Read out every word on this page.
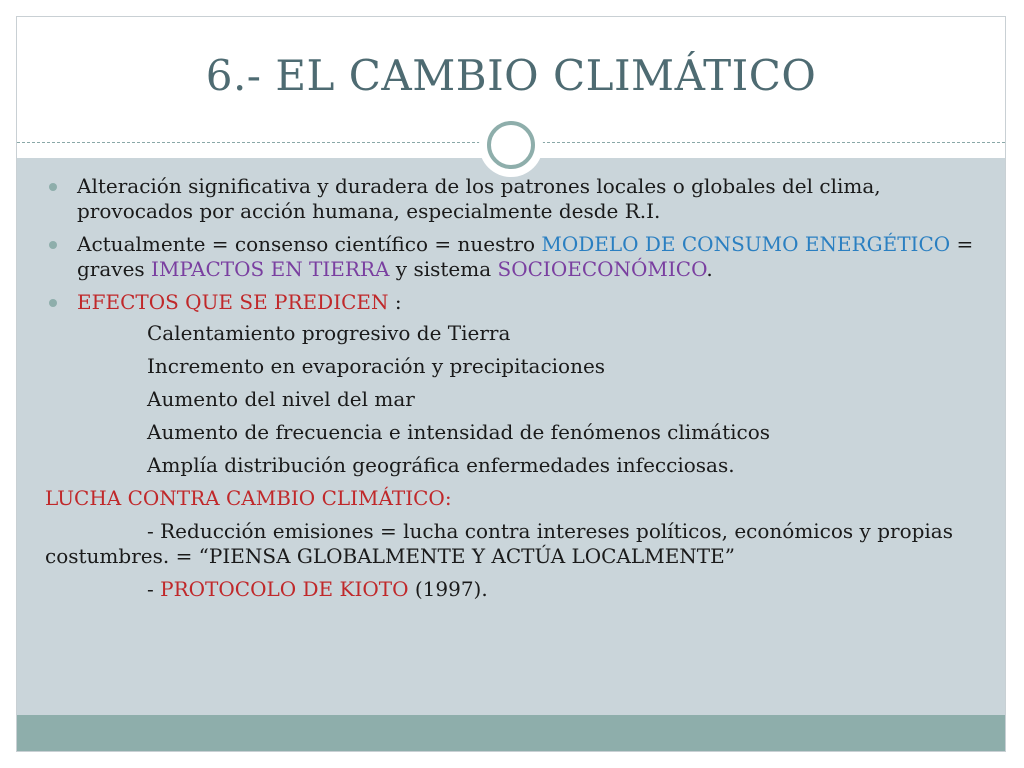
6.- EL CAMBIO CLIMÁTICO
Alteración significativa y duradera de los patrones locales o globales del clima, provocados por acción humana, especialmente desde R.I.
Actualmente = consenso científico = nuestro MODELO DE CONSUMO ENERGÉTICO = graves IMPACTOS EN TIERRA y sistema SOCIOECONÓMICO.
EFECTOS QUE SE PREDICEN :
Calentamiento progresivo de Tierra
Incremento en evaporación y precipitaciones
Aumento del nivel del mar
Aumento de frecuencia e intensidad de fenómenos climáticos
Amplía distribución geográfica enfermedades infecciosas.
LUCHA CONTRA CAMBIO CLIMÁTICO:
- Reducción emisiones = lucha contra intereses políticos, económicos y propias costumbres. = “PIENSA GLOBALMENTE Y ACTÚA LOCALMENTE”
- PROTOCOLO DE KIOTO (1997).
